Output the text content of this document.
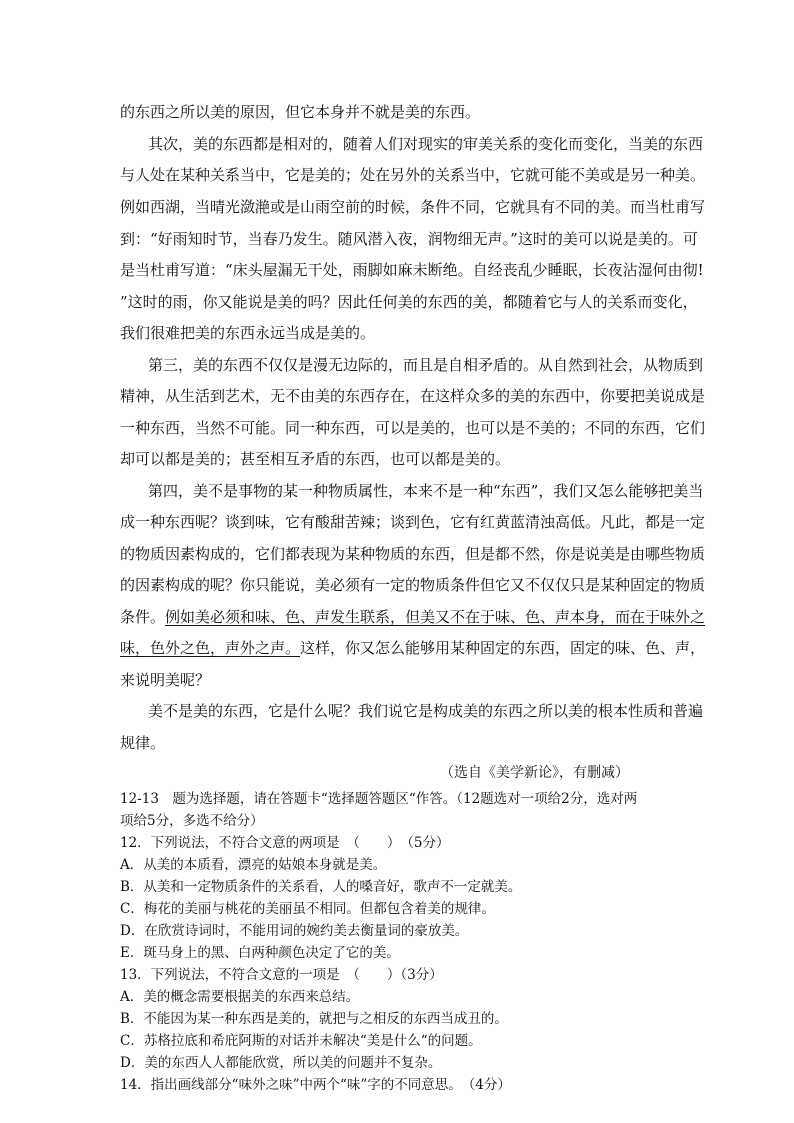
的东西之所以美的原因，但它本身并不就是美的东西。
其次，美的东西都是相对的，随着人们对现实的审美关系的变化而变化，当美的东西
与人处在某种关系当中，它是美的；处在另外的关系当中，它就可能不美或是另一种美。
例如西湖，当晴光潋滟或是山雨空前的时候，条件不同，它就具有不同的美。而当杜甫写
到：“好雨知时节，当春乃发生。随风潜入夜，润物细无声。”这时的美可以说是美的。可
是当杜甫写道：“床头屋漏无干处，雨脚如麻未断绝。自经丧乱少睡眠，长夜沾湿何由彻!
”这时的雨，你又能说是美的吗？因此任何美的东西的美，都随着它与人的关系而变化，
我们很难把美的东西永远当成是美的。
第三，美的东西不仅仅是漫无边际的，而且是自相矛盾的。从自然到社会，从物质到
精神，从生活到艺术，无不由美的东西存在，在这样众多的美的东西中，你要把美说成是
一种东西，当然不可能。同一种东西，可以是美的，也可以是不美的；不同的东西，它们
却可以都是美的；甚至相互矛盾的东西，也可以都是美的。
第四，美不是事物的某一种物质属性，本来不是一种“东西”，我们又怎么能够把美当
成一种东西呢？谈到味，它有酸甜苦辣；谈到色，它有红黄蓝清浊高低。凡此，都是一定
的物质因素构成的，它们都表现为某种物质的东西，但是都不然，你是说美是由哪些物质
的因素构成的呢？你只能说，美必须有一定的物质条件但它又不仅仅只是某种固定的物质
条件。例如美必须和味、色、声发生联系，但美又不在于味、色、声本身，而在于味外之
味，色外之色，声外之声。这样，你又怎么能够用某种固定的东西，固定的味、色、声，
来说明美呢？
美不是美的东西，它是什么呢？我们说它是构成美的东西之所以美的根本性质和普遍
规律。
（选自《美学新论》，有删减）
12-13　题为选择题，请在答题卡“选择题答题区“作答。（12题选对一项给2分，选对两
项给5分，多选不给分）
12．下列说法，不符合文意的两项是　（　　）　（5分）
A．从美的本质看，漂亮的姑娘本身就是美。
B．从美和一定物质条件的关系看，人的嗓音好，歌声不一定就美。
C．梅花的美丽与桃花的美丽虽不相同。但都包含着美的规律。
D．在欣赏诗词时，不能用词的婉约美去衡量词的豪放美。
E．斑马身上的黑、白两种颜色决定了它的美。
13．下列说法，不符合文意的一项是　（　　）（3分）
A．美的概念需要根据美的东西来总结。
B．不能因为某一种东西是美的，就把与之相反的东西当成丑的。
C．苏格拉底和希庇阿斯的对话并未解决“美是什么“的问题。
D．美的东西人人都能欣赏，所以美的问题并不复杂。
14．指出画线部分“味外之味”中两个“味”字的不同意思。　（4分）
